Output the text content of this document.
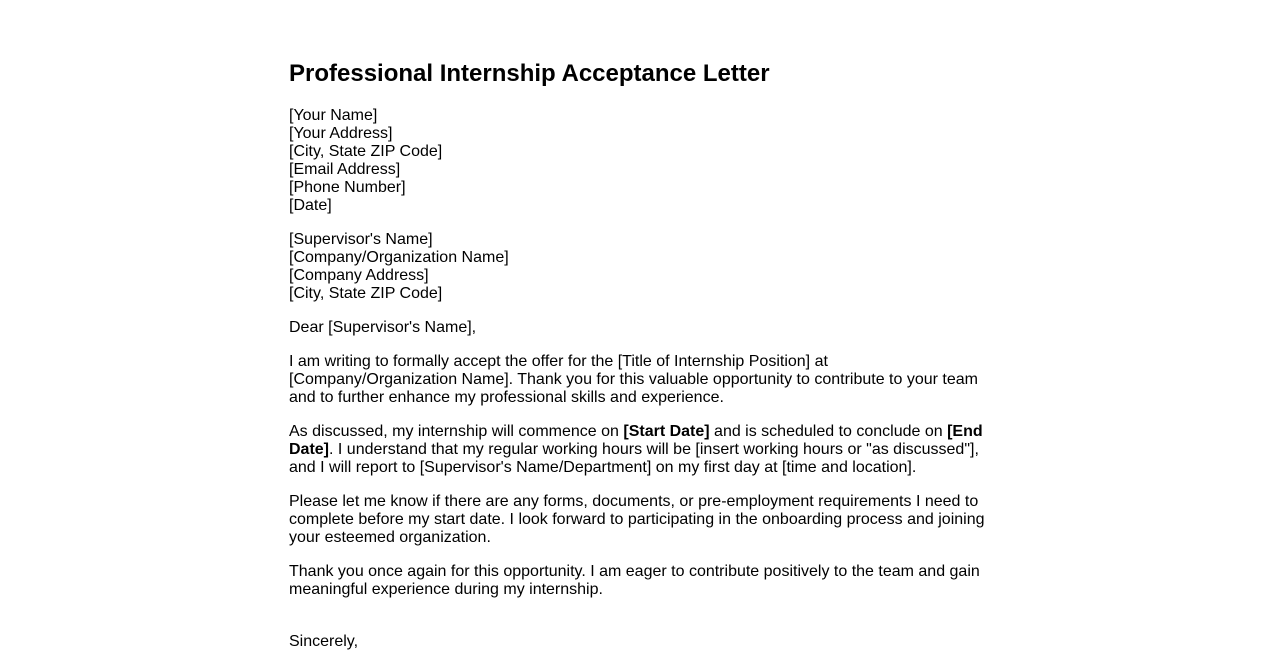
Professional Internship Acceptance Letter
[Your Name]
[Your Address]
[City, State ZIP Code]
[Email Address]
[Phone Number]
[Date]
[Supervisor's Name]
[Company/Organization Name]
[Company Address]
[City, State ZIP Code]

Dear [Supervisor's Name],

I am writing to formally accept the offer for the [Title of Internship Position] at [Company/Organization Name]. Thank you for this valuable opportunity to contribute to your team and to further enhance my professional skills and experience.

As discussed, my internship will commence on [Start Date] and is scheduled to conclude on [End Date]. I understand that my regular working hours will be [insert working hours or "as discussed"], and I will report to [Supervisor's Name/Department] on my first day at [time and location].

Please let me know if there are any forms, documents, or pre-employment requirements I need to complete before my start date. I look forward to participating in the onboarding process and joining your esteemed organization.

Thank you once again for this opportunity. I am eager to contribute positively to the team and gain meaningful experience during my internship.

Sincerely,
